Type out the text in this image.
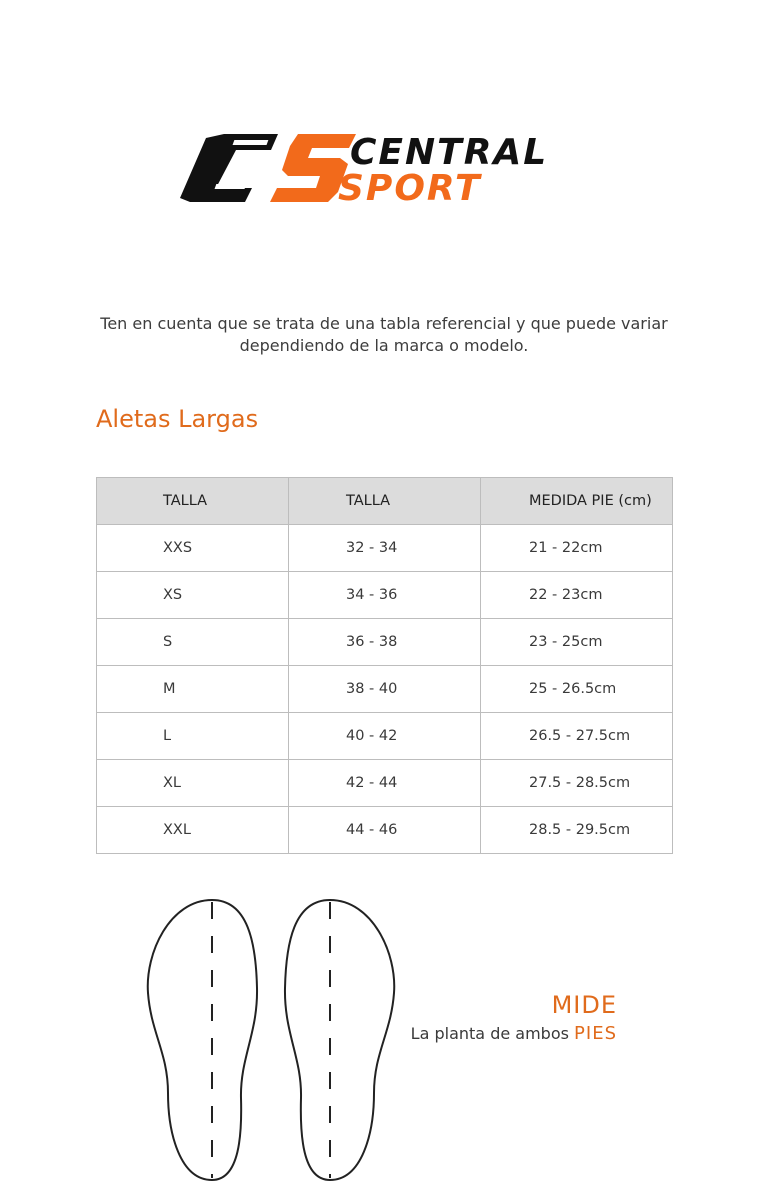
CENTRAL
SPORT
Ten en cuenta que se trata de una tabla referencial y que puede variar
dependiendo de la marca o modelo.
Aletas Largas
TALLA	TALLA	MEDIDA PIE (cm)
XXS	32 - 34	21 - 22cm
XS	34 - 36	22 - 23cm
S	36 - 38	23 - 25cm
M	38 - 40	25 - 26.5cm
L	40 - 42	26.5 - 27.5cm
XL	42 - 44	27.5 - 28.5cm
XXL	44 - 46	28.5 - 29.5cm
MIDE
La planta de ambos PIES
